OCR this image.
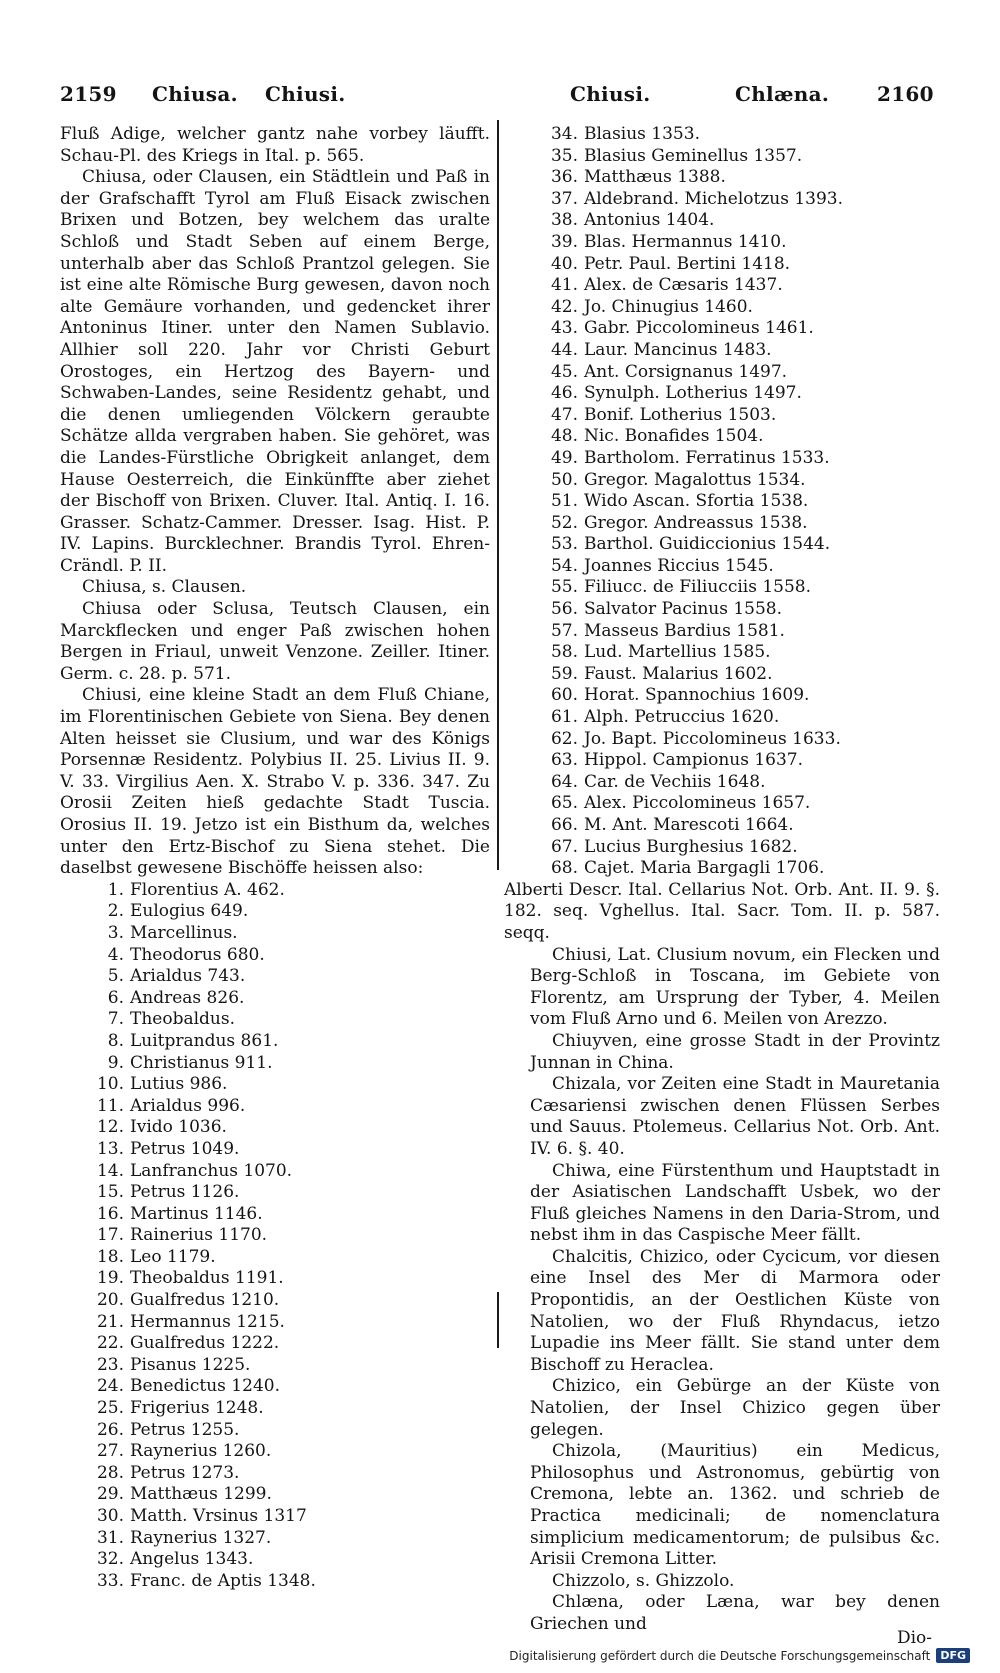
2159 Chiusa. Chiusi.	Chiusi.	Chlæna. 2160

Fluß Adige, welcher gantz nahe vorbey läufft. Schau-Pl. des Kriegs in Ital. p. 565.

Chiusa, oder Clausen, ein Städtlein und Paß in der Grafschafft Tyrol am Fluß Eisack zwischen Brixen und Botzen, bey welchem das uralte Schloß und Stadt Seben auf einem Berge, unterhalb aber das Schloß Prantzol gelegen. Sie ist eine alte Römische Burg gewesen, davon noch alte Gemäure vorhanden, und gedencket ihrer Antoninus Itiner. unter den Namen Sublavio. Allhier soll 220. Jahr vor Christi Geburt Orostoges, ein Hertzog des Bayern- und Schwaben-Landes, seine Residentz gehabt, und die denen umliegenden Völckern geraubte Schätze allda vergraben haben. Sie gehöret, was die Landes-Fürstliche Obrigkeit anlanget, dem Hause Oesterreich, die Einkünffte aber ziehet der Bischoff von Brixen. Cluver. Ital. Antiq. I. 16. Grasser. Schatz-Cammer. Dresser. Isag. Hist. P. IV. Lapins. Burcklechner. Brandis Tyrol. Ehren-Crändl. P. II.

Chiusa, s. Clausen.

Chiusa oder Sclusa, Teutsch Clausen, ein Marckflecken und enger Paß zwischen hohen Bergen in Friaul, unweit Venzone. Zeiller. Itiner. Germ. c. 28. p. 571.

Chiusi, eine kleine Stadt an dem Fluß Chiane, im Florentinischen Gebiete von Siena. Bey denen Alten heisset sie Clusium, und war des Königs Porsennæ Residentz. Polybius II. 25. Livius II. 9. V. 33. Virgilius Aen. X. Strabo V. p. 336. 347. Zu Orosii Zeiten hieß gedachte Stadt Tuscia. Orosius II. 19. Jetzo ist ein Bisthum da, welches unter den Ertz-Bischof zu Siena stehet. Die daselbst gewesene Bischöffe heissen also:

1. Florentius A. 462.
2. Eulogius 649.
3. Marcellinus.
4. Theodorus 680.
5. Arialdus 743.
6. Andreas 826.
7. Theobaldus.
8. Luitprandus 861.
9. Christianus 911.
10. Lutius 986.
11. Arialdus 996.
12. Ivido 1036.
13. Petrus 1049.
14. Lanfranchus 1070.
15. Petrus 1126.
16. Martinus 1146.
17. Rainerius 1170.
18. Leo 1179.
19. Theobaldus 1191.
20. Gualfredus 1210.
21. Hermannus 1215.
22. Gualfredus 1222.
23. Pisanus 1225.
24. Benedictus 1240.
25. Frigerius 1248.
26. Petrus 1255.
27. Raynerius 1260.
28. Petrus 1273.
29. Matthæus 1299.
30. Matth. Vrsinus 1317
31. Raynerius 1327.
32. Angelus 1343.
33. Franc. de Aptis 1348.
34. Blasius 1353.
35. Blasius Geminellus 1357.
36. Matthæus 1388.
37. Aldebrand. Michelotzus 1393.
38. Antonius 1404.
39. Blas. Hermannus 1410.
40. Petr. Paul. Bertini 1418.
41. Alex. de Cæsaris 1437.
42. Jo. Chinugius 1460.
43. Gabr. Piccolomineus 1461.
44. Laur. Mancinus 1483.
45. Ant. Corsignanus 1497.
46. Synulph. Lotherius 1497.
47. Bonif. Lotherius 1503.
48. Nic. Bonafides 1504.
49. Bartholom. Ferratinus 1533.
50. Gregor. Magalottus 1534.
51. Wido Ascan. Sfortia 1538.
52. Gregor. Andreassus 1538.
53. Barthol. Guidiccionius 1544.
54. Joannes Riccius 1545.
55. Filiucc. de Filiucciis 1558.
56. Salvator Pacinus 1558.
57. Masseus Bardius 1581.
58. Lud. Martellius 1585.
59. Faust. Malarius 1602.
60. Horat. Spannochius 1609.
61. Alph. Petruccius 1620.
62. Jo. Bapt. Piccolomineus 1633.
63. Hippol. Campionus 1637.
64. Car. de Vechiis 1648.
65. Alex. Piccolomineus 1657.
66. M. Ant. Marescoti 1664.
67. Lucius Burghesius 1682.
68. Cajet. Maria Bargagli 1706.

Alberti Descr. Ital. Cellarius Not. Orb. Ant. II. 9. §. 182. seq. Vghellus. Ital. Sacr. Tom. II. p. 587. seqq.

Chiusi, Lat. Clusium novum, ein Flecken und Berg-Schloß in Toscana, im Gebiete von Florentz, am Ursprung der Tyber, 4. Meilen vom Fluß Arno und 6. Meilen von Arezzo.

Chiuyven, eine grosse Stadt in der Provintz Junnan in China.

Chizala, vor Zeiten eine Stadt in Mauretania Cæsariensi zwischen denen Flüssen Serbes und Sauus. Ptolemeus. Cellarius Not. Orb. Ant. IV. 6. §. 40.

Chiwa, eine Fürstenthum und Hauptstadt in der Asiatischen Landschafft Usbek, wo der Fluß gleiches Namens in den Daria-Strom, und nebst ihm in das Caspische Meer fällt.

Chalcitis, Chizico, oder Cycicum, vor diesen eine Insel des Mer di Marmora oder Propontidis, an der Oestlichen Küste von Natolien, wo der Fluß Rhyndacus, ietzo Lupadie ins Meer fällt. Sie stand unter dem Bischoff zu Heraclea.

Chizico, ein Gebürge an der Küste von Natolien, der Insel Chizico gegen über gelegen.

Chizola, (Mauritius) ein Medicus, Philosophus und Astronomus, gebürtig von Cremona, lebte an. 1362. und schrieb de Practica medicinali; de nomenclatura simplicium medicamentorum; de pulsibus &c. Arisii Cremona Litter.

Chizzolo, s. Ghizzolo.

Chlæna, oder Læna, war bey denen Griechen und

Dio-
Digitalisierung gefördert durch die Deutsche Forschungsgemeinschaft DFG
